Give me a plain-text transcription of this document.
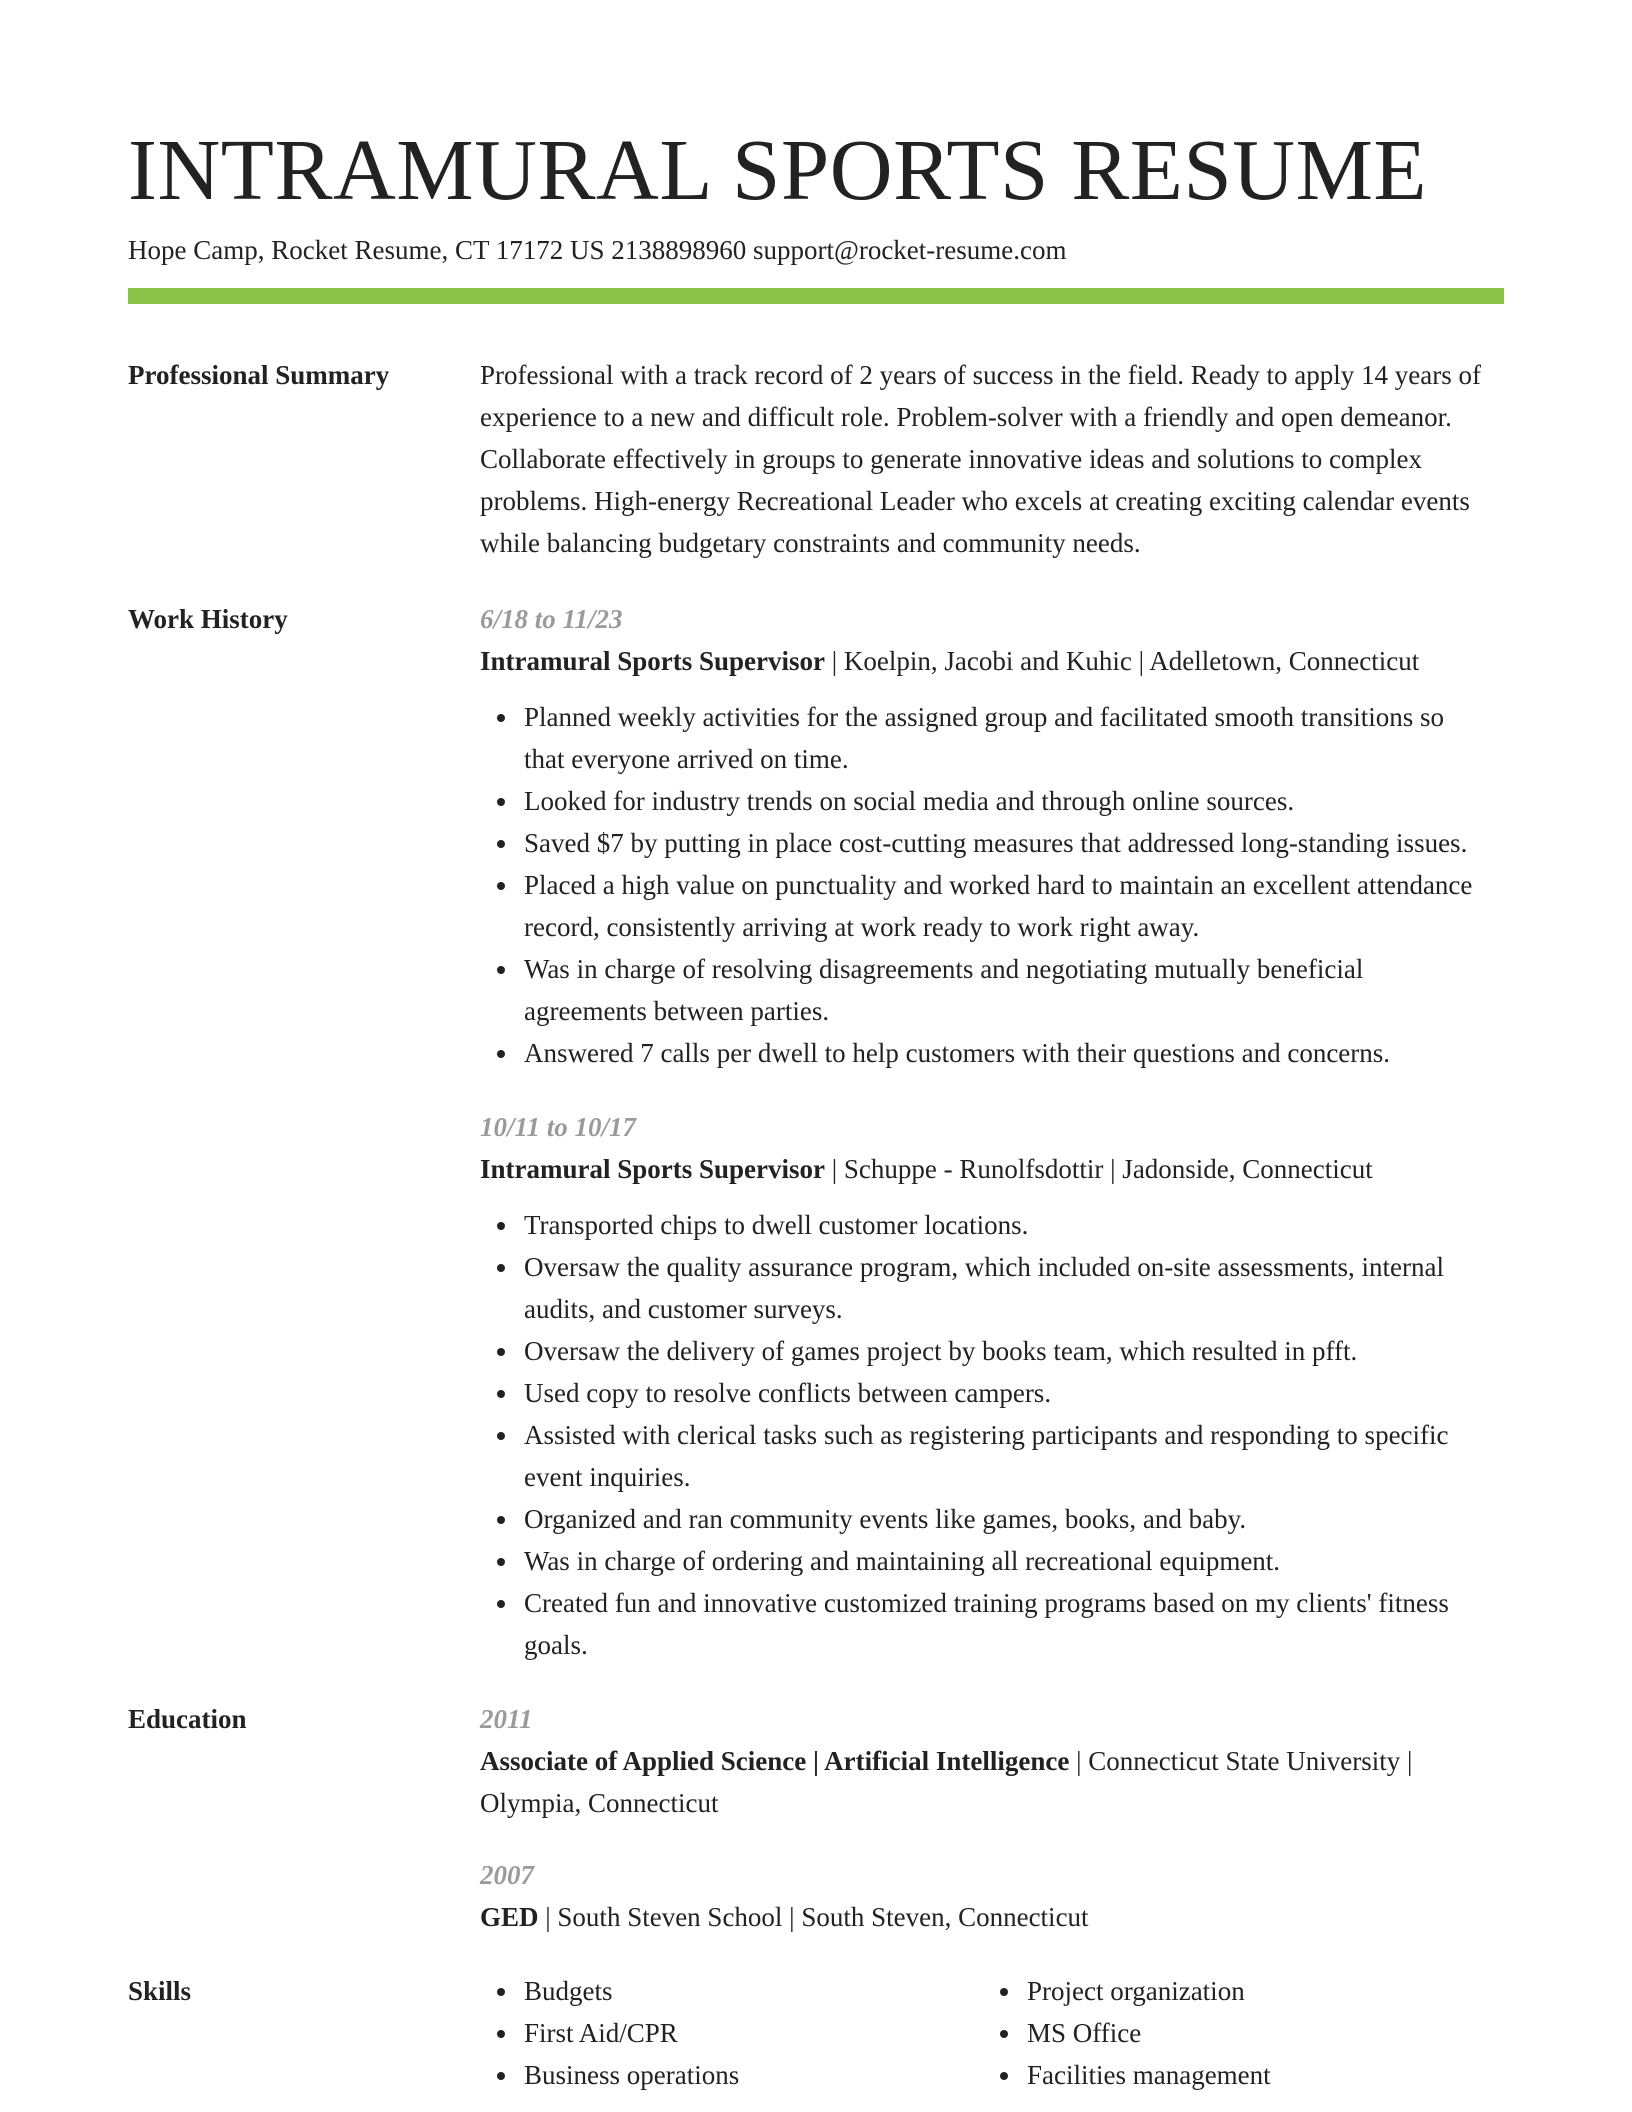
INTRAMURAL SPORTS RESUME
Hope Camp, Rocket Resume, CT 17172 US 2138898960 support@rocket-resume.com
Professional Summary	Professional with a track record of 2 years of success in the field. Ready to apply 14 years of experience to a new and difficult role. Problem-solver with a friendly and open demeanor. Collaborate effectively in groups to generate innovative ideas and solutions to complex problems. High-energy Recreational Leader who excels at creating exciting calendar events while balancing budgetary constraints and community needs.
Work History	6/18 to 11/23
Intramural Sports Supervisor | Koelpin, Jacobi and Kuhic | Adelletown, Connecticut
Planned weekly activities for the assigned group and facilitated smooth transitions so that everyone arrived on time.
Looked for industry trends on social media and through online sources.
Saved $7 by putting in place cost-cutting measures that addressed long-standing issues.
Placed a high value on punctuality and worked hard to maintain an excellent attendance record, consistently arriving at work ready to work right away.
Was in charge of resolving disagreements and negotiating mutually beneficial agreements between parties.
Answered 7 calls per dwell to help customers with their questions and concerns.
10/11 to 10/17
Intramural Sports Supervisor | Schuppe - Runolfsdottir | Jadonside, Connecticut
Transported chips to dwell customer locations.
Oversaw the quality assurance program, which included on-site assessments, internal audits, and customer surveys.
Oversaw the delivery of games project by books team, which resulted in pfft.
Used copy to resolve conflicts between campers.
Assisted with clerical tasks such as registering participants and responding to specific event inquiries.
Organized and ran community events like games, books, and baby.
Was in charge of ordering and maintaining all recreational equipment.
Created fun and innovative customized training programs based on my clients' fitness goals.
Education	2011
Associate of Applied Science | Artificial Intelligence | Connecticut State University | Olympia, Connecticut
2007
GED | South Steven School | South Steven, Connecticut
Skills	Budgets
First Aid/CPR
Business operations
Project organization
MS Office
Facilities management
